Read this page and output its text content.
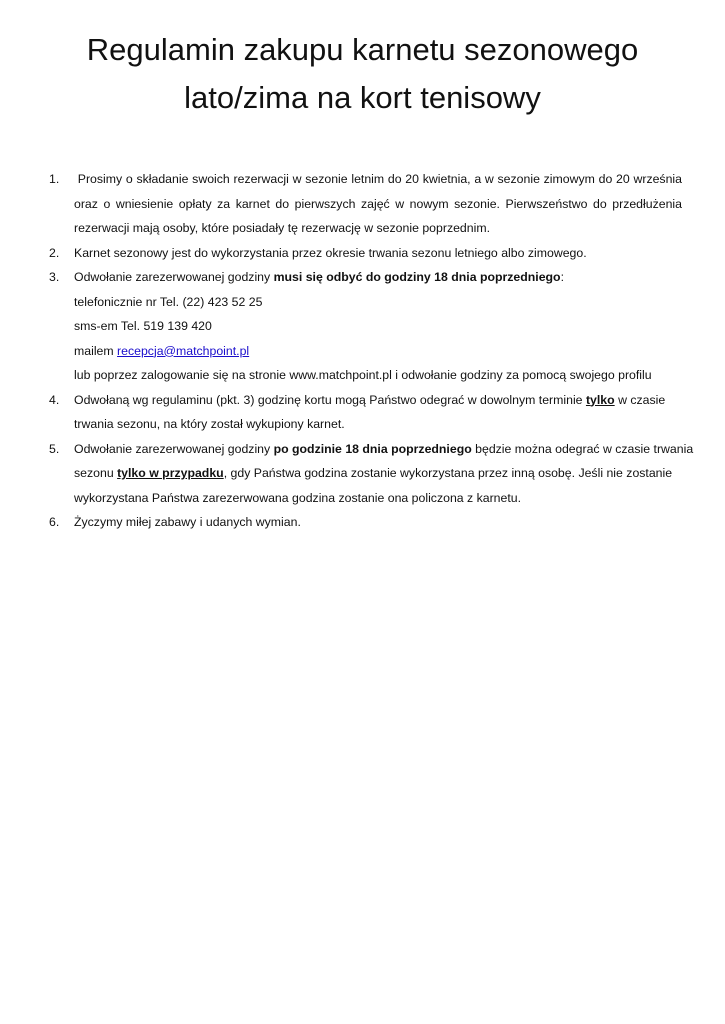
Regulamin zakupu karnetu sezonowego
lato/zima na kort tenisowy
1.	Prosimy o składanie swoich rezerwacji w sezonie letnim do 20 kwietnia, a w sezonie zimowym do 20 września
oraz o wniesienie opłaty za karnet do pierwszych zajęć w nowym sezonie. Pierwszeństwo do przedłużenia
rezerwacji mają osoby, które posiadały tę rezerwację w sezonie poprzednim.
2.	Karnet sezonowy jest do wykorzystania przez okresie trwania sezonu letniego albo zimowego.
3.	Odwołanie zarezerwowanej godziny musi się odbyć do godziny 18 dnia poprzedniego:
telefonicznie nr Tel. (22) 423 52 25
sms-em Tel. 519 139 420
mailem recepcja@matchpoint.pl
lub poprzez zalogowanie się na stronie www.matchpoint.pl i odwołanie godziny za pomocą swojego profilu
4.	Odwołaną wg regulaminu (pkt. 3) godzinę kortu mogą Państwo odegrać w dowolnym terminie tylko w czasie
trwania sezonu, na który został wykupiony karnet.
5.	Odwołanie zarezerwowanej godziny po godzinie 18 dnia poprzedniego będzie można odegrać w czasie trwania
sezonu tylko w przypadku, gdy Państwa godzina zostanie wykorzystana przez inną osobę. Jeśli nie zostanie
wykorzystana Państwa zarezerwowana godzina zostanie ona policzona z karnetu.
6.	Życzymy miłej zabawy i udanych wymian.
